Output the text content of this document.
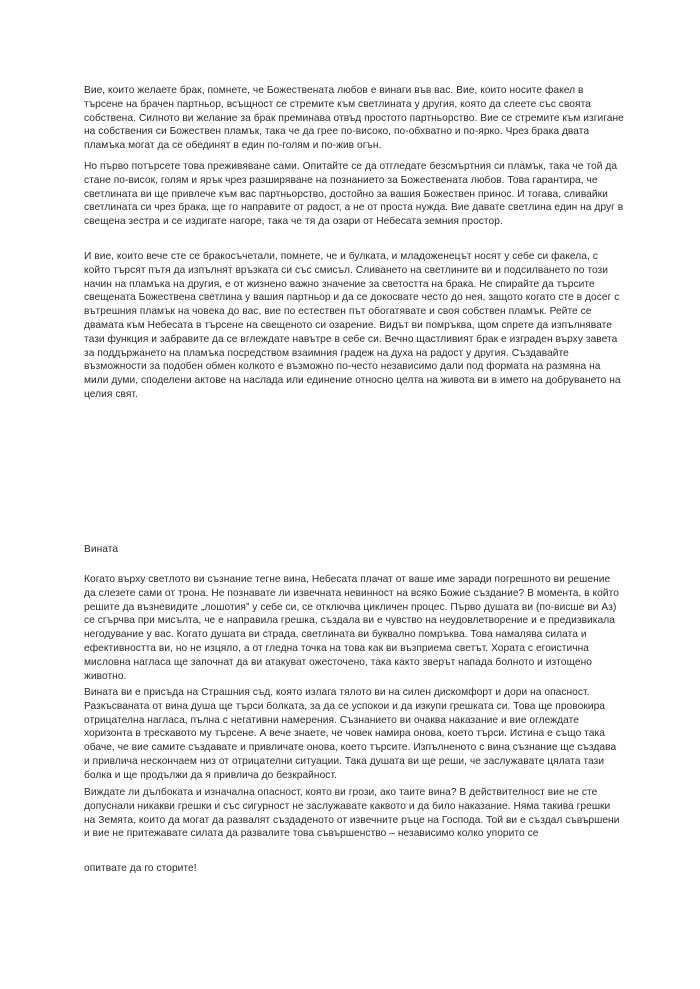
Вие, които желаете брак, помнете, че Божествената любов е винаги във вас. Вие, които носите факел в търсене на брачен партньор, всъщност се стремите към светлината у другия, която да слеете със своята собствена. Силното ви желание за брак преминава отвъд простото партньорство. Вие се стремите към изгигане на собствения си Божествен пламък, така че да грее по-високо, по-обхватно и по-ярко. Чрез брака двата пламъка могат да се обединят в един по-голям и по-жив огън.

Но първо потърсете това преживяване сами. Опитайте се да отгледате безсмъртния си пламък, така че той да стане по-висок, голям и ярък чрез разширяване на познанието за Божествената любов. Това гарантира, че светлината ви ще привлече към вас партньорство, достойно за вашия Божествен принос. И тогава, сливайки светлината си чрез брака, ще го направите от радост, а не от проста нужда. Вие давате светлина един на друг в свещена зестра и се издигате нагоре, така че тя да озари от Небесата земния простор.

И вие, които вече сте се бракосъчетали, помнете, че и булката, и младоженецът носят у себе си факела, с който търсят пътя да изпълнят връзката си със смисъл. Сливането на светлините ви и подсилването по този начин на пламъка на другия, е от жизнено важно значение за светостта на брака. Не спирайте да търсите свещената Божествена светлина у вашия партньор и да се докосвате често до нея, защото когато сте в досег с вътрешния пламък на човека до вас, вие по естествен път обогатявате и своя собствен пламък. Рейте се двамата към Небесата в търсене на свещеното си озарение. Видът ви помръква, щом спрете да изпълнявате тази функция и забравите да се вглеждате навътре в себе си. Вечно щастливият брак е изграден върху завета за поддържането на пламъка посредством взаимния градеж на духа на радост у другия. Създавайте възможности за подобен обмен колкото е възможно по-често независимо дали под формата на размяна на мили думи, споделени актове на наслада или единение относно целта на живота ви в името на добруването на целия свят.

Вината

Когато върху светлото ви съзнание тегне вина, Небесата плачат от ваше име заради погрешното ви решение да слезете сами от трона. Не познавате ли извечната невинност на всяко Божие създание? В момента, в който решите да възневидите „лошотия” у себе си, се отключва цикличен процес. Първо душата ви (по-висше ви Аз) се сгърчва при мисълта, че е направила грешка, създала ви е чувство на неудовлетворение и е предизвикала негодувание у вас. Когато душата ви страда, светлината ви буквално помръква. Това намалява силата и ефективността ви, но не изцяло, а от гледна точка на това как ви възприема светът. Хората с егоистична мисловна нагласа ще започнат да ви атакуват ожесточено, така както зверът напада болното и изтощено животно.

Вината ви е присъда на Страшния съд, която излага тялото ви на силен дискомфорт и дори на опасност. Разкъсваната от вина душа ще търси болката, за да се успокои и да изкупи грешката си. Това ще провокира отрицателна нагласа, пълна с негативни намерения. Съзнанието ви очаква наказание и вие оглеждате хоризонта в трескавото му търсене. А вече знаете, че човек намира онова, което търси. Истина е също така обаче, че вие самите създавате и привличате онова, което търсите. Изпълненото с вина съзнание ще създава и привлича нескончаем низ от отрицателни ситуации. Така душата ви ще реши, че заслужавате цялата тази болка и ще продължи да я привлича до безкрайност.

Виждате ли дълбоката и изначална опасност, която ви грози, ако таите вина? В действителност вие не сте допуснали никакви грешки и със сигурност не заслужавате каквото и да било наказание. Няма такива грешки на Земята, които да могат да развалят създаденото от извечните ръце на Господа. Той ви е създал съвършени и вие не притежавате силата да развалите това съвършенство – независимо колко упорито се

опитвате да го сторите!
